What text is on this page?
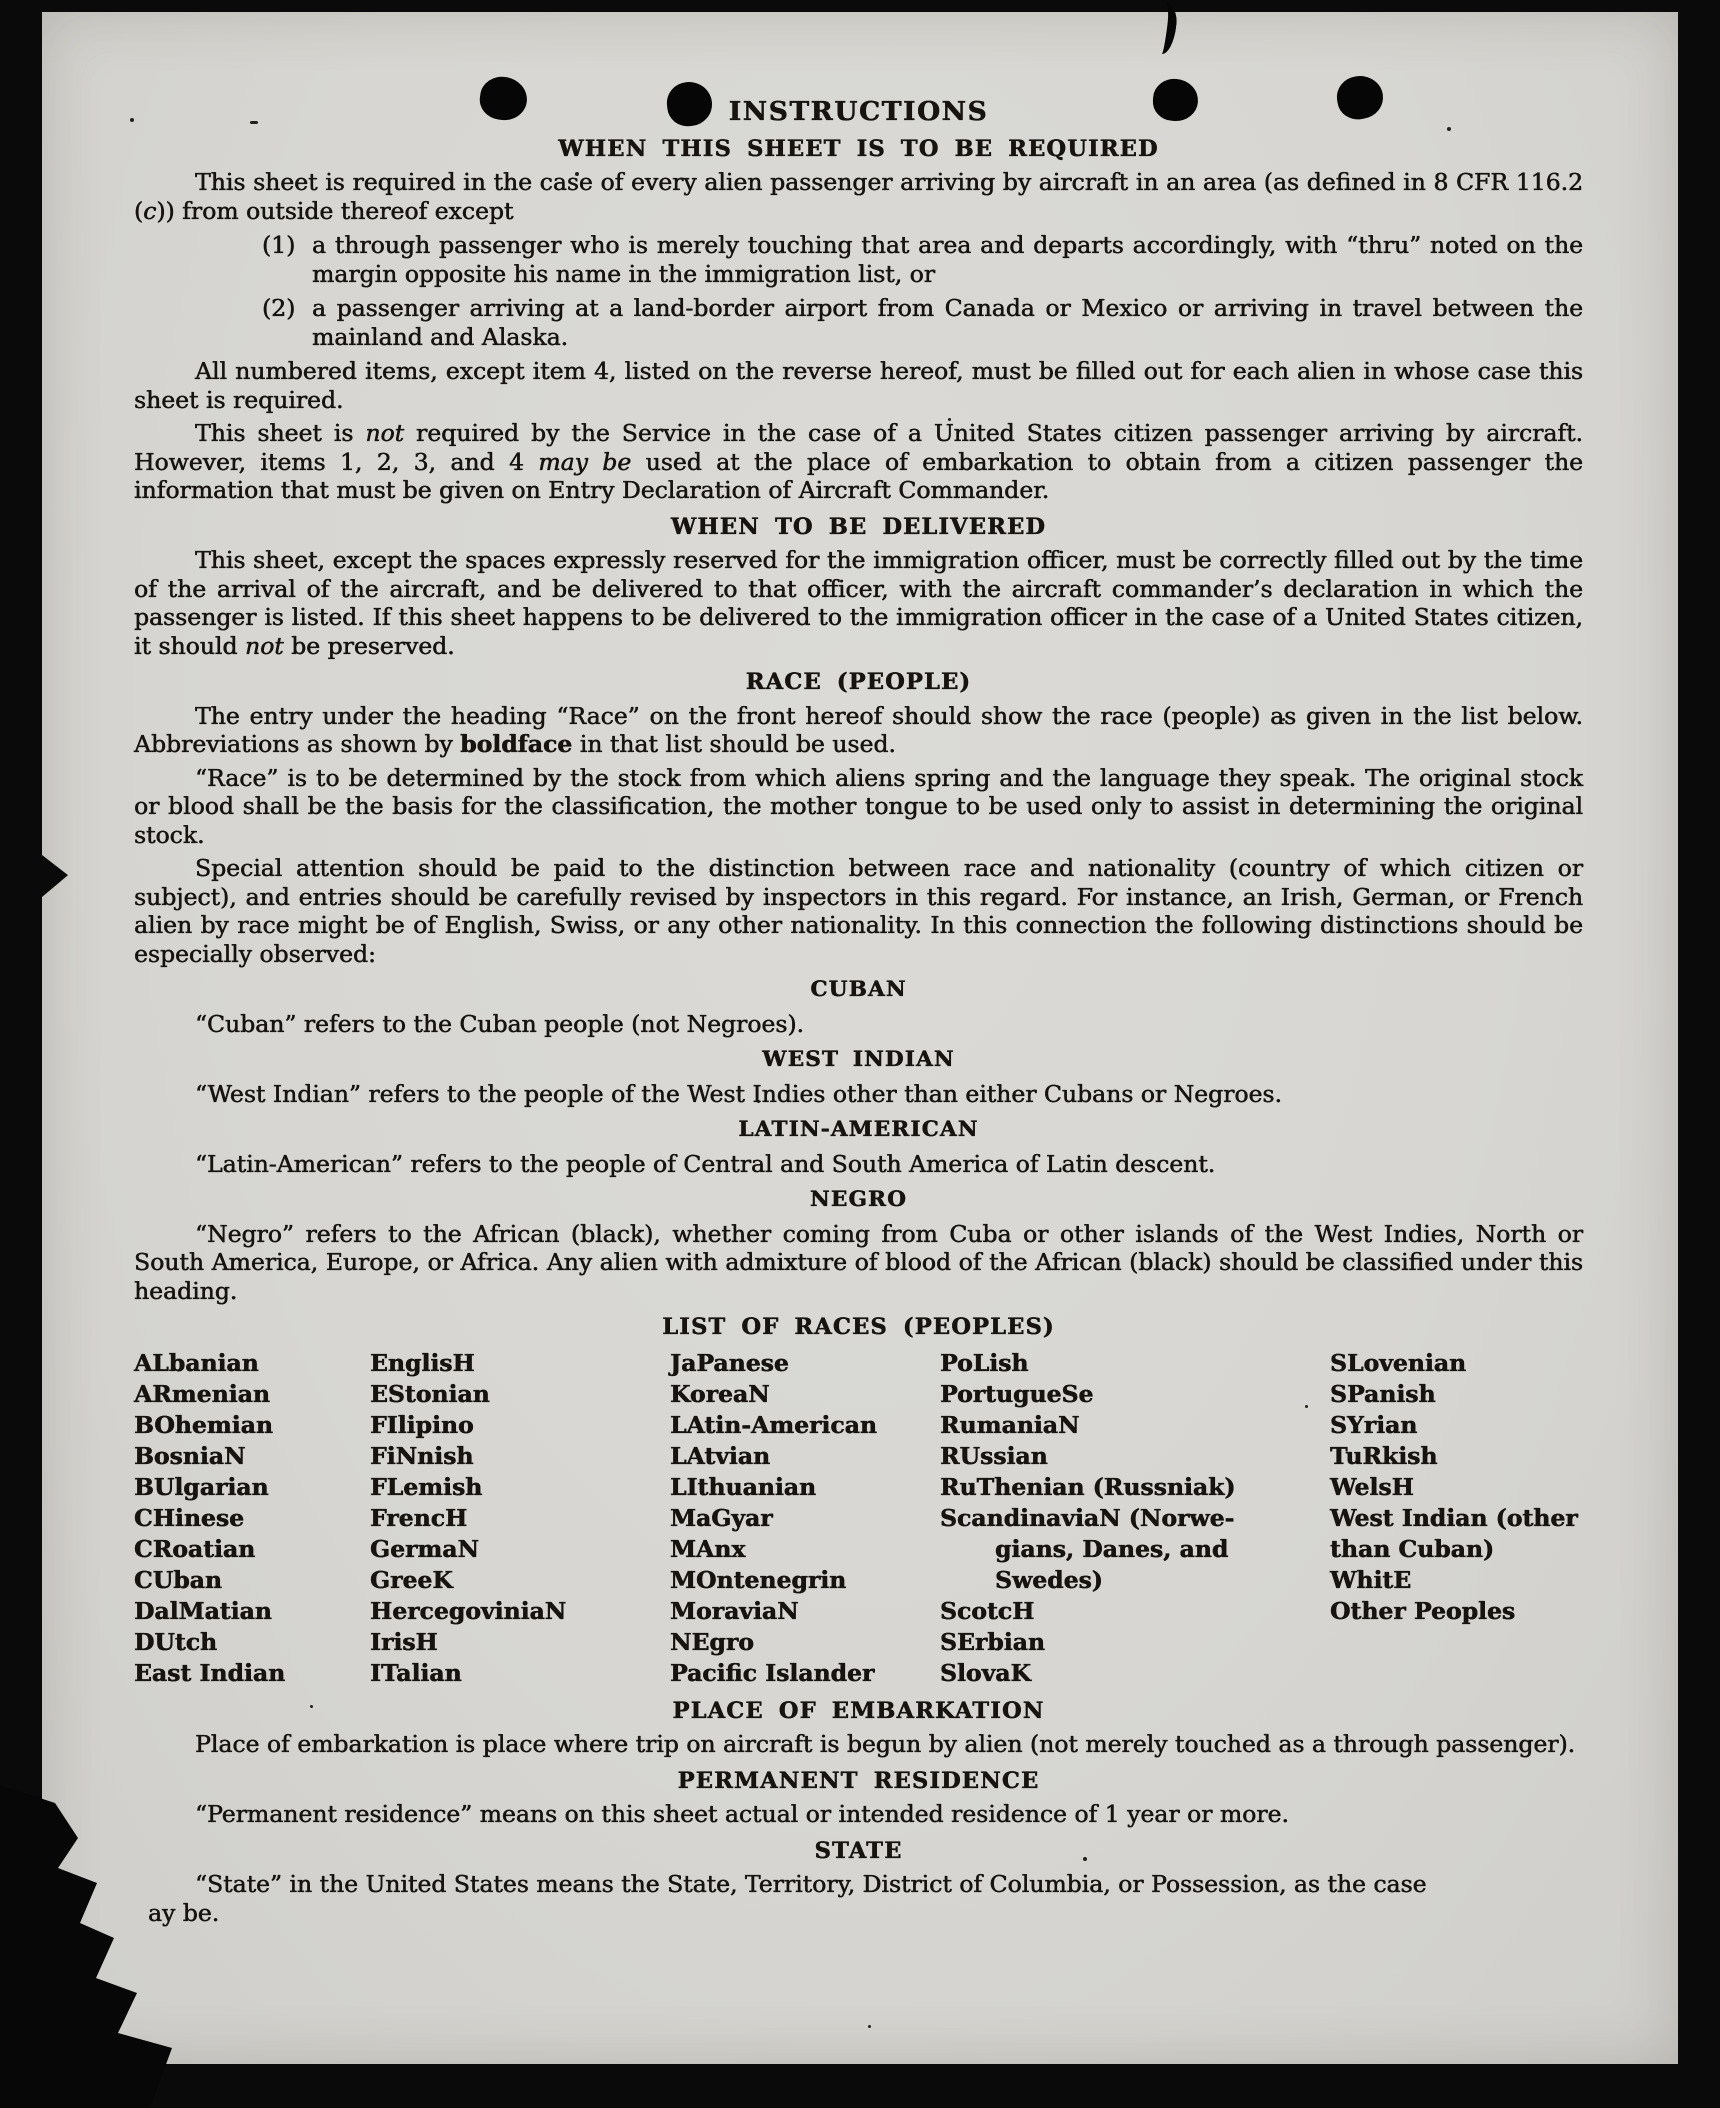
INSTRUCTIONS
WHEN THIS SHEET IS TO BE REQUIRED

This sheet is required in the case of every alien passenger arriving by aircraft in an area (as defined in 8 CFR 116.2 (c)) from outside thereof except

(1) a through passenger who is merely touching that area and departs accordingly, with “thru” noted on the margin opposite his name in the immigration list, or
(2) a passenger arriving at a land-border airport from Canada or Mexico or arriving in travel between the mainland and Alaska.

All numbered items, except item 4, listed on the reverse hereof, must be filled out for each alien in whose case this sheet is required.

This sheet is not required by the Service in the case of a United States citizen passenger arriving by aircraft. However, items 1, 2, 3, and 4 may be used at the place of embarkation to obtain from a citizen passenger the information that must be given on Entry Declaration of Aircraft Commander.

WHEN TO BE DELIVERED

This sheet, except the spaces expressly reserved for the immigration officer, must be correctly filled out by the time of the arrival of the aircraft, and be delivered to that officer, with the aircraft commander’s declaration in which the passenger is listed. If this sheet happens to be delivered to the immigration officer in the case of a United States citizen, it should not be preserved.

RACE (PEOPLE)

The entry under the heading “Race” on the front hereof should show the race (people) as given in the list below. Abbreviations as shown by boldface in that list should be used.

“Race” is to be determined by the stock from which aliens spring and the language they speak. The original stock or blood shall be the basis for the classification, the mother tongue to be used only to assist in determining the original stock.

Special attention should be paid to the distinction between race and nationality (country of which citizen or subject), and entries should be carefully revised by inspectors in this regard. For instance, an Irish, German, or French alien by race might be of English, Swiss, or any other nationality. In this connection the following distinctions should be especially observed:

CUBAN

“Cuban” refers to the Cuban people (not Negroes).

WEST INDIAN

“West Indian” refers to the people of the West Indies other than either Cubans or Negroes.

LATIN-AMERICAN

“Latin-American” refers to the people of Central and South America of Latin descent.

NEGRO

“Negro” refers to the African (black), whether coming from Cuba or other islands of the West Indies, North or South America, Europe, or Africa. Any alien with admixture of blood of the African (black) should be classified under this heading.

LIST OF RACES (PEOPLES)
ALbanian
ARmenian
BOhemian
BosniaN
BUlgarian
CHinese
CRoatian
CUban
DalMatian
DUtch
East Indian
EnglisH
EStonian
FIlipino
FiNnish
FLemish
FrencH
GermaN
GreeK
HercegoviniaN
IrisH
ITalian
JaPanese
KoreaN
LAtin-American
LAtvian
LIthuanian
MaGyar
MAnx
MOntenegrin
MoraviaN
NEgro
Pacific Islander
PoLish
PortugueSe
RumaniaN
RUssian
RuThenian (Russniak)
ScandinaviaN (Norwe-
gians, Danes, and
Swedes)
ScotcH
SErbian
SlovaK
SLovenian
SPanish
SYrian
TuRkish
WelsH
West Indian (other
than Cuban)
WhitE
Other Peoples
PLACE OF EMBARKATION

Place of embarkation is place where trip on aircraft is begun by alien (not merely touched as a through passenger).

PERMANENT RESIDENCE

“Permanent residence” means on this sheet actual or intended residence of 1 year or more.

STATE

“State” in the United States means the State, Territory, District of Columbia, or Possession, as the case

ay be.
